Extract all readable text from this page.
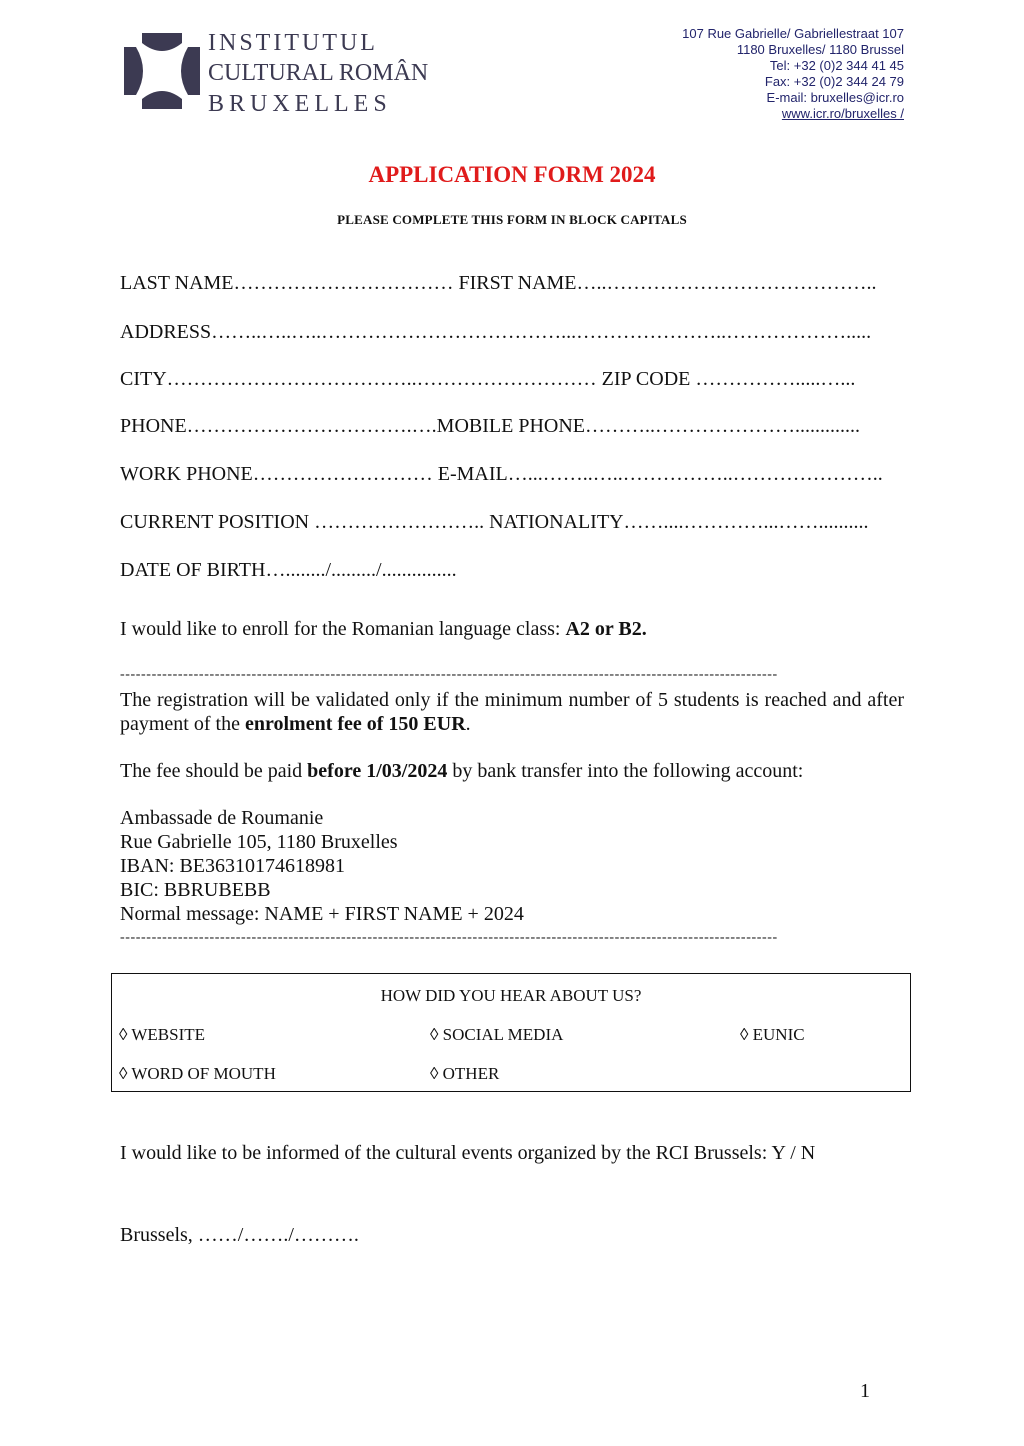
INSTITUTUL
CULTURAL ROMÂN
BRUXELLES
107 Rue Gabrielle/ Gabriellestraat 107
1180 Bruxelles/ 1180 Brussel
Tel: +32 (0)2 344 41 45
Fax: +32 (0)2 344 24 79
E-mail: bruxelles@icr.ro
www.icr.ro/bruxelles /
APPLICATION FORM 2024
PLEASE COMPLETE THIS FORM IN BLOCK CAPITALS
LAST NAME…………………………… FIRST NAME…..…………………………………..
ADDRESS……..…..…..………………………………...…………………..……………….....
CITY………………………………..……………………… ZIP CODE …………….....…...
PHONE…………………………….….MOBILE PHONE………..………………….............
WORK PHONE……………………… E-MAIL…...……..…..……………..…………………..
CURRENT POSITION …………………….. NATIONALITY……....…………...……..........
DATE OF BIRTH…......../........./...............
I would like to enroll for the Romanian language class: A2 or B2.
-----------------------------------------------------------------------------------------------------------------------------
The registration will be validated only if the minimum number of 5 students is reached and after payment of the enrolment fee of 150 EUR.
The fee should be paid before 1/03/2024 by bank transfer into the following account:
Ambassade de Roumanie
Rue Gabrielle 105, 1180 Bruxelles
IBAN: BE36310174618981
BIC: BBRUBEBB
Normal message: NAME + FIRST NAME + 2024
-----------------------------------------------------------------------------------------------------------------------------
HOW DID YOU HEAR ABOUT US?
◊ WEBSITE	◊ SOCIAL MEDIA	◊ EUNIC
◊ WORD OF MOUTH	◊ OTHER
I would like to be informed of the cultural events organized by the RCI Brussels: Y / N
Brussels, ……/……./……….
1
